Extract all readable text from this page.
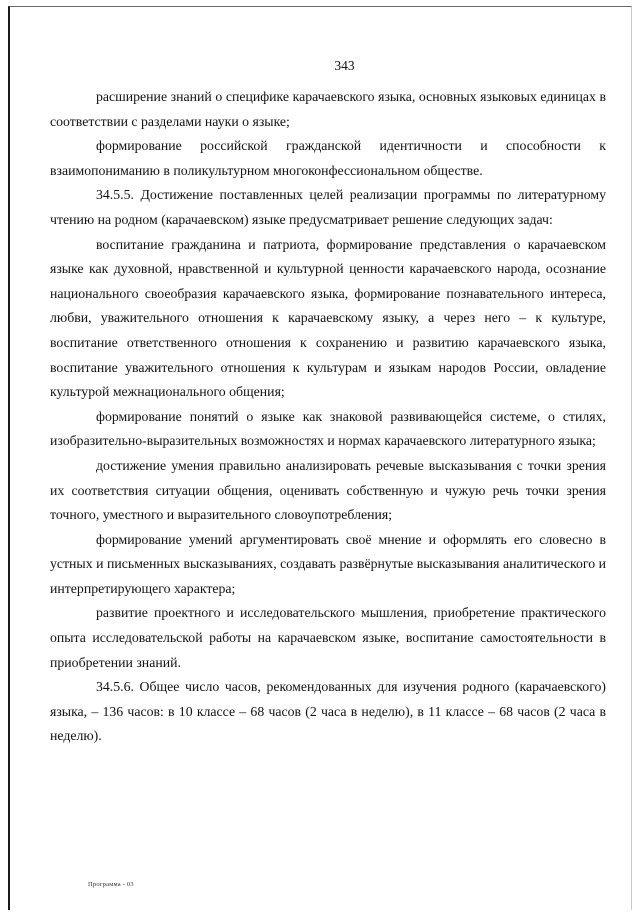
343

расширение знаний о специфике карачаевского языка, основных языковых единицах в соответствии с разделами науки о языке;

формирование российской гражданской идентичности и способности к взаимопониманию в поликультурном многоконфессиональном обществе.

34.5.5. Достижение поставленных целей реализации программы по литературному чтению на родном (карачаевском) языке предусматривает решение следующих задач:

воспитание гражданина и патриота, формирование представления о карачаевском языке как духовной, нравственной и культурной ценности карачаевского народа, осознание национального своеобразия карачаевского языка, формирование познавательного интереса, любви, уважительного отношения к карачаевскому языку, а через него – к культуре, воспитание ответственного отношения к сохранению и развитию карачаевского языка, воспитание уважительного отношения к культурам и языкам народов России, овладение культурой межнационального общения;

формирование понятий о языке как знаковой развивающейся системе, о стилях, изобразительно-выразительных возможностях и нормах карачаевского литературного языка;

достижение умения правильно анализировать речевые высказывания с точки зрения их соответствия ситуации общения, оценивать собственную и чужую речь точки зрения точного, уместного и выразительного словоупотребления;

формирование умений аргументировать своё мнение и оформлять его словесно в устных и письменных высказываниях, создавать развёрнутые высказывания аналитического и интерпретирующего характера;

развитие проектного и исследовательского мышления, приобретение практического опыта исследовательской работы на карачаевском языке, воспитание самостоятельности в приобретении знаний.

34.5.6. Общее число часов, рекомендованных для изучения родного (карачаевского) языка, – 136 часов: в 10 классе – 68 часов (2 часа в неделю), в 11 классе – 68 часов (2 часа в неделю).

Программа - 03
